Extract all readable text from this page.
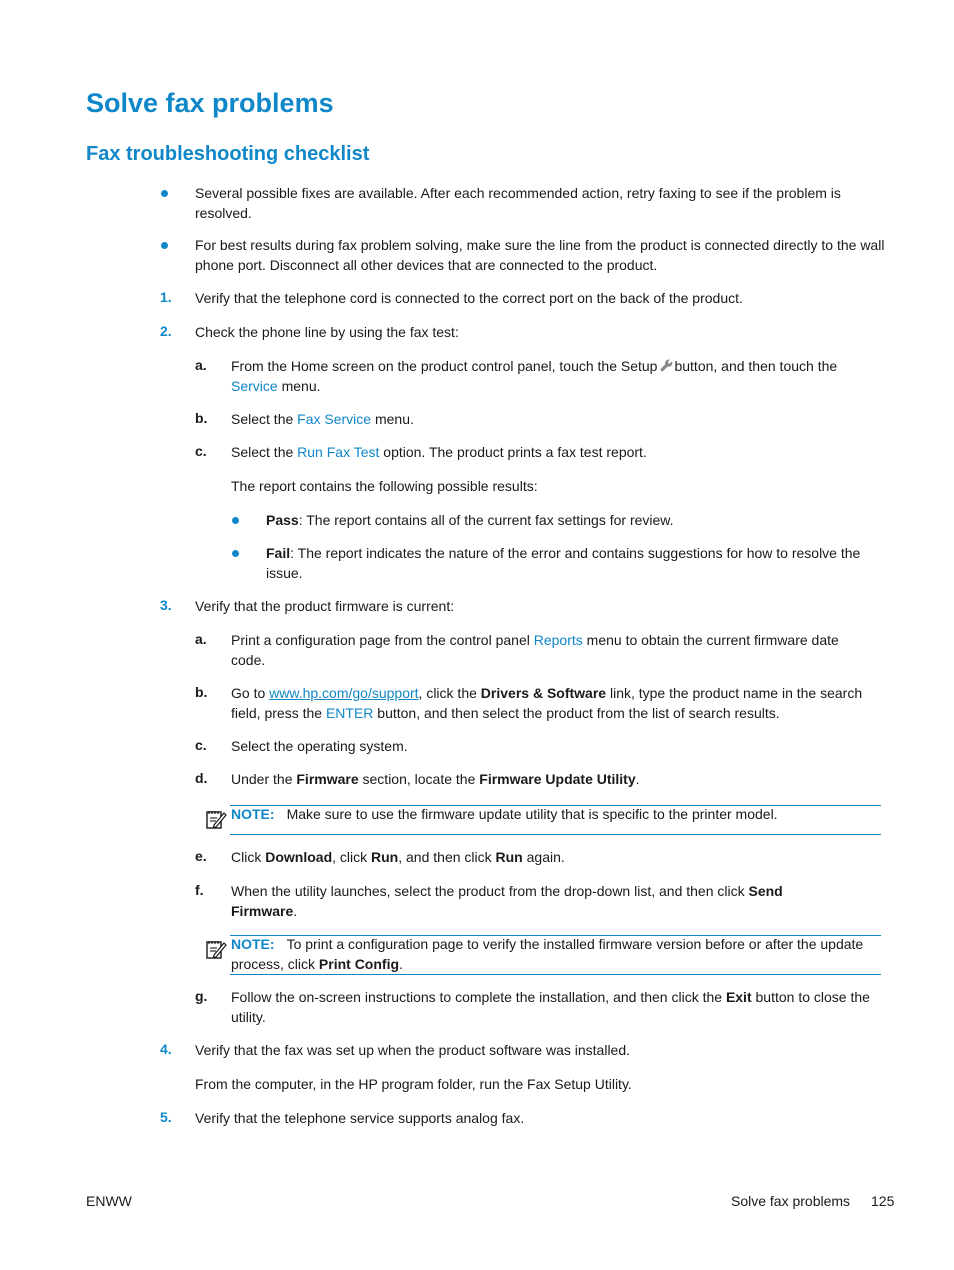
Solve fax problems
Fax troubleshooting checklist
Several possible fixes are available. After each recommended action, retry faxing to see if the problem is resolved.
For best results during fax problem solving, make sure the line from the product is connected directly to the wall phone port. Disconnect all other devices that are connected to the product.
1. Verify that the telephone cord is connected to the correct port on the back of the product.
2. Check the phone line by using the fax test:
a. From the Home screen on the product control panel, touch the Setup button, and then touch the Service menu.
b. Select the Fax Service menu.
c. Select the Run Fax Test option. The product prints a fax test report.
The report contains the following possible results:
Pass: The report contains all of the current fax settings for review.
Fail: The report indicates the nature of the error and contains suggestions for how to resolve the issue.
3. Verify that the product firmware is current:
a. Print a configuration page from the control panel Reports menu to obtain the current firmware date code.
b. Go to www.hp.com/go/support, click the Drivers & Software link, type the product name in the search field, press the ENTER button, and then select the product from the list of search results.
c. Select the operating system.
d. Under the Firmware section, locate the Firmware Update Utility.
NOTE: Make sure to use the firmware update utility that is specific to the printer model.
e. Click Download, click Run, and then click Run again.
f. When the utility launches, select the product from the drop-down list, and then click Send Firmware.
NOTE: To print a configuration page to verify the installed firmware version before or after the update process, click Print Config.
g. Follow the on-screen instructions to complete the installation, and then click the Exit button to close the utility.
4. Verify that the fax was set up when the product software was installed.
From the computer, in the HP program folder, run the Fax Setup Utility.
5. Verify that the telephone service supports analog fax.
ENWW	Solve fax problems 125
